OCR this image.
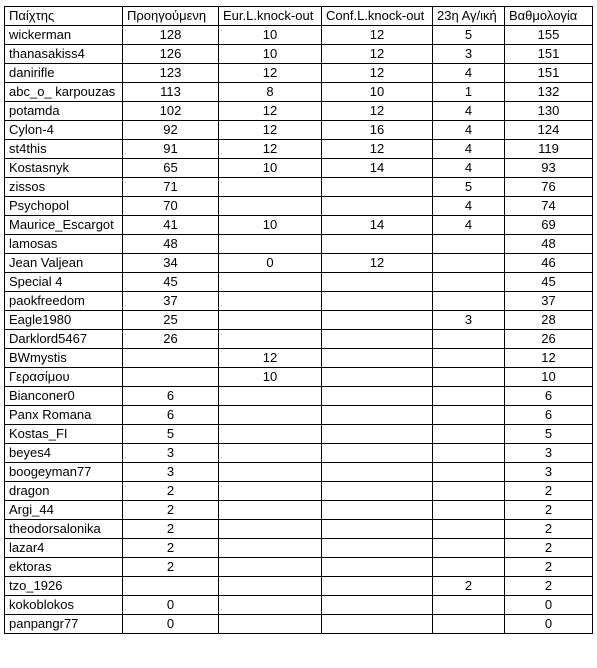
Παίχτης	Προηγούμενη	Eur.L.knock-out	Conf.L.knock-out	23η Αγ/ική	Βαθμολογία
wickerman	128	10	12	5	155
thanasakiss4	126	10	12	3	151
danirifle	123	12	12	4	151
abc_o_ karpouzas	113	8	10	1	132
potamda	102	12	12	4	130
Cylon-4	92	12	16	4	124
st4this	91	12	12	4	119
Kostasnyk	65	10	14	4	93
zissos	71			5	76
Psychopol	70			4	74
Maurice_Escargot	41	10	14	4	69
lamosas	48				48
Jean Valjean	34	0	12		46
Special 4	45				45
paokfreedom	37				37
Eagle1980	25			3	28
Darklord5467	26				26
BWmystis		12			12
Γερασίμου		10			10
Bianconer0	6				6
Panx Romana	6				6
Kostas_FI	5				5
beyes4	3				3
boogeyman77	3				3
dragon	2				2
Argi_44	2				2
theodorsalonika	2				2
lazar4	2				2
ektoras	2				2
tzo_1926				2	2
kokoblokos	0				0
panpangr77	0				0
